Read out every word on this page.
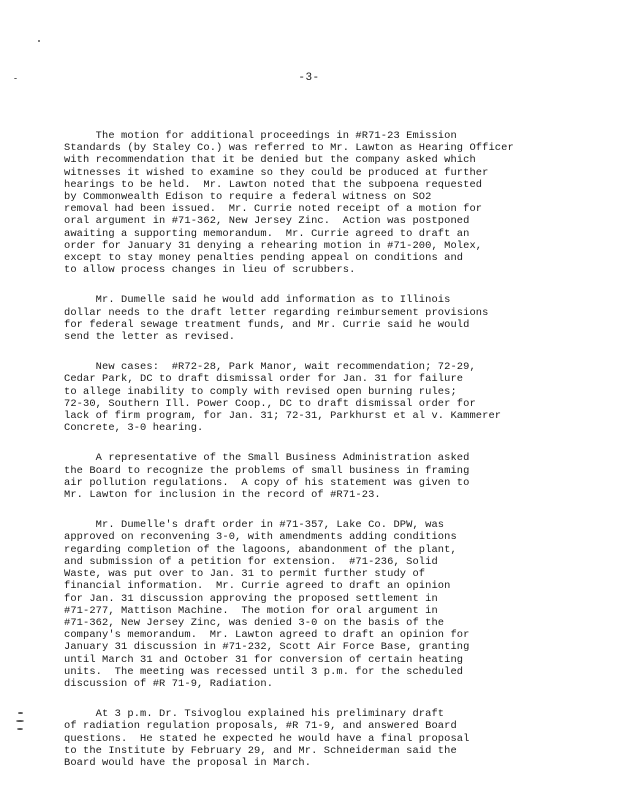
-3-
The motion for additional proceedings in #R71-23 Emission
Standards (by Staley Co.) was referred to Mr. Lawton as Hearing Officer
with recommendation that it be denied but the company asked which
witnesses it wished to examine so they could be produced at further
hearings to be held.  Mr. Lawton noted that the subpoena requested
by Commonwealth Edison to require a federal witness on SO2
removal had been issued.  Mr. Currie noted receipt of a motion for
oral argument in #71-362, New Jersey Zinc.  Action was postponed
awaiting a supporting memorandum.  Mr. Currie agreed to draft an
order for January 31 denying a rehearing motion in #71-200, Molex,
except to stay money penalties pending appeal on conditions and
to allow process changes in lieu of scrubbers.
Mr. Dumelle said he would add information as to Illinois
dollar needs to the draft letter regarding reimbursement provisions
for federal sewage treatment funds, and Mr. Currie said he would
send the letter as revised.
New cases:  #R72-28, Park Manor, wait recommendation; 72-29,
Cedar Park, DC to draft dismissal order for Jan. 31 for failure
to allege inability to comply with revised open burning rules;
72-30, Southern Ill. Power Coop., DC to draft dismissal order for
lack of firm program, for Jan. 31; 72-31, Parkhurst et al v. Kammerer
Concrete, 3-0 hearing.
A representative of the Small Business Administration asked
the Board to recognize the problems of small business in framing
air pollution regulations.  A copy of his statement was given to
Mr. Lawton for inclusion in the record of #R71-23.
Mr. Dumelle's draft order in #71-357, Lake Co. DPW, was
approved on reconvening 3-0, with amendments adding conditions
regarding completion of the lagoons, abandonment of the plant,
and submission of a petition for extension.  #71-236, Solid
Waste, was put over to Jan. 31 to permit further study of
financial information.  Mr. Currie agreed to draft an opinion
for Jan. 31 discussion approving the proposed settlement in
#71-277, Mattison Machine.  The motion for oral argument in
#71-362, New Jersey Zinc, was denied 3-0 on the basis of the
company's memorandum.  Mr. Lawton agreed to draft an opinion for
January 31 discussion in #71-232, Scott Air Force Base, granting
until March 31 and October 31 for conversion of certain heating
units.  The meeting was recessed until 3 p.m. for the scheduled
discussion of #R 71-9, Radiation.
At 3 p.m. Dr. Tsivoglou explained his preliminary draft
of radiation regulation proposals, #R 71-9, and answered Board
questions.  He stated he expected he would have a final proposal
to the Institute by February 29, and Mr. Schneiderman said the
Board would have the proposal in March.
